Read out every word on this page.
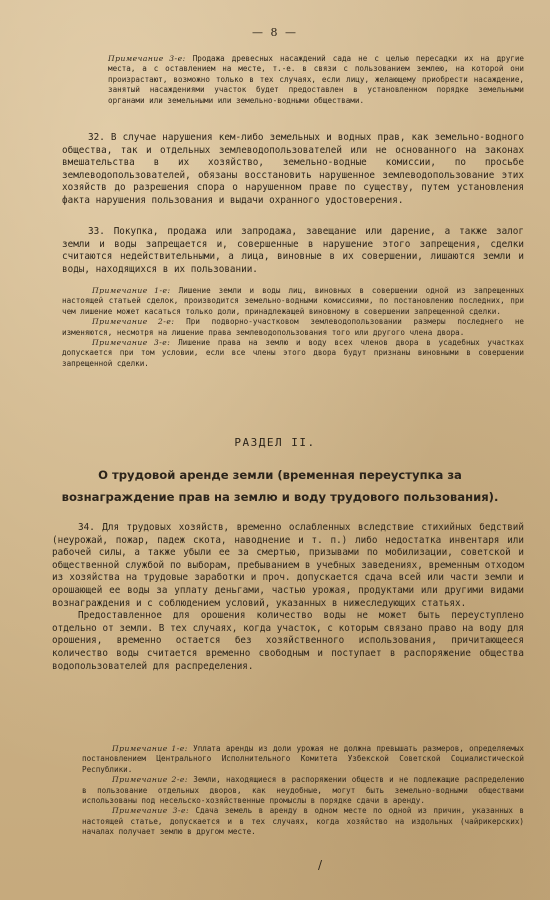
— 8 —

Примечание 3-е: Продажа древесных насаждений сада не с целью пересадки их на другие места, а с оставлением на месте, т.-е. в связи с пользованием землею, на которой они произрастают, возможно только в тех случаях, если лицу, желающему приобрести насаждение, занятый насаждениями участок будет предоставлен в установленном порядке земельными органами или земельными или земельно-водными обществами.

32. В случае нарушения кем-либо земельных и водных прав, как земельно-водного общества, так и отдельных землеводопользователей или не основанного на законах вмешательства в их хозяйство, земельно-водные комиссии, по просьбе землеводопользователей, обязаны восстановить нарушенное землеводопользование этих хозяйств до разрешения спора о нарушенном праве по существу, путем установления факта нарушения пользования и выдачи охранного удостоверения.

33. Покупка, продажа или запродажа, завещание или дарение, а также залог земли и воды запрещается и, совершенные в нарушение этого запрещения, сделки считаются недействительными, а лица, виновные в их совершении, лишаются земли и воды, находящихся в их пользовании.

Примечание 1-е: Лишение земли и воды лиц, виновных в совершении одной из запрещенных настоящей статьей сделок, производится земельно-водными комиссиями, по постановлению последних, при чем лишение может касаться только доли, принадлежащей виновному в совершении запрещенной сделки.

Примечание 2-е: При подворно-участковом землеводопользовании размеры последнего не изменяются, несмотря на лишение права землеводопользования того или другого члена двора.

Примечание 3-е: Лишение права на землю и воду всех членов двора в усадебных участках допускается при том условии, если все члены этого двора будут признаны виновными в совершении запрещенной сделки.

РАЗДЕЛ II.
О трудовой аренде земли (временная переуступка за вознаграждение прав на землю и воду трудового пользования).

34. Для трудовых хозяйств, временно ослабленных вследствие стихийных бедствий (неурожай, пожар, падеж скота, наводнение и т. п.) либо недостатка инвентаря или рабочей силы, а также убыли ее за смертью, призывами по мобилизации, советской и общественной службой по выборам, пребыванием в учебных заведениях, временным отходом из хозяйства на трудовые заработки и проч. допускается сдача всей или части земли и орошающей ее воды за уплату деньгами, частью урожая, продуктами или другими видами вознаграждения и с соблюдением условий, указанных в нижеследующих статьях.

Предоставленное для орошения количество воды не может быть переуступлено отдельно от земли. В тех случаях, когда участок, с которым связано право на воду для орошения, временно остается без хозяйственного использования, причитающееся количество воды считается временно свободным и поступает в распоряжение общества водопользователей для распределения.

Примечание 1-е: Уплата аренды из доли урожая не должна превышать размеров, определяемых постановлением Центрального Исполнительного Комитета Узбекской Советской Социалистической Республики.

Примечание 2-е: Земли, находящиеся в распоряжении обществ и не подлежащие распределению в пользование отдельных дворов, как неудобные, могут быть земельно-водными обществами использованы под несельско-хозяйственные промыслы в порядке сдачи в аренду.

Примечание 3-е: Сдача земель в аренду в одном месте по одной из причин, указанных в настоящей статье, допускается и в тех случаях, когда хозяйство на издольных (чайрикерских) началах получает землю в другом месте.

/
